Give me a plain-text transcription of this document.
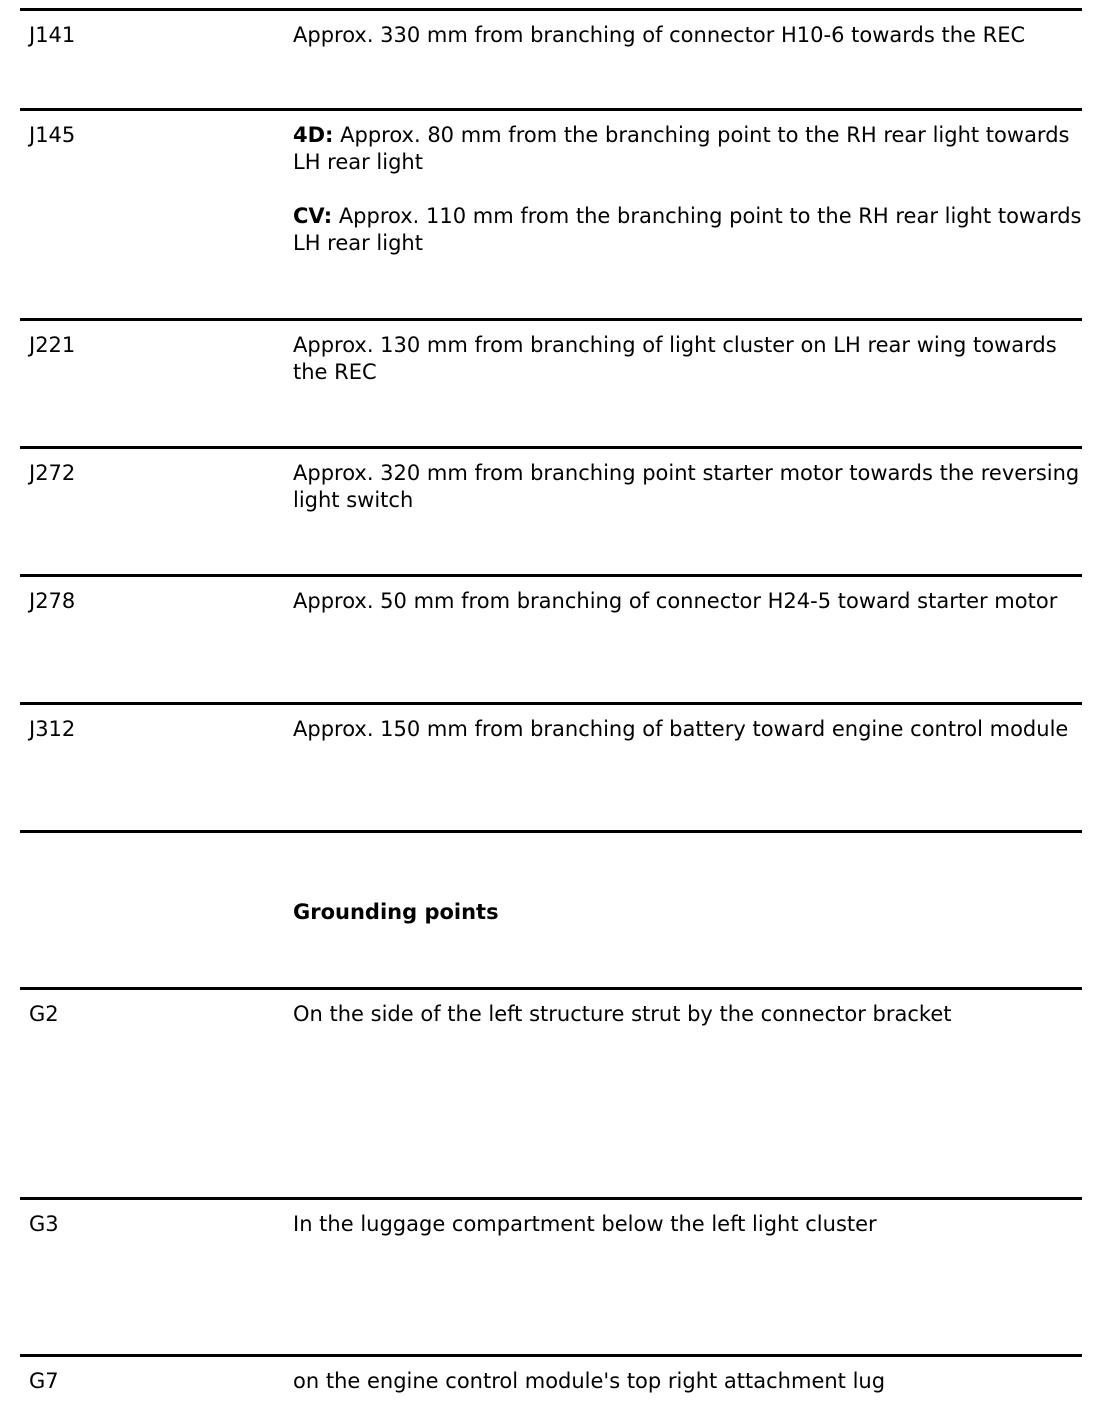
J141	Approx. 330 mm from branching of connector H10-6 towards the REC

J145	4D: Approx. 80 mm from the branching point to the RH rear light towards LH rear light

CV: Approx. 110 mm from the branching point to the RH rear light towards LH rear light

J221	Approx. 130 mm from branching of light cluster on LH rear wing towards the REC

J272	Approx. 320 mm from branching point starter motor towards the reversing light switch

J278	Approx. 50 mm from branching of connector H24-5 toward starter motor

J312	Approx. 150 mm from branching of battery toward engine control module

Grounding points
G2	On the side of the left structure strut by the connector bracket

G3	In the luggage compartment below the left light cluster

G7	on the engine control module's top right attachment lug
